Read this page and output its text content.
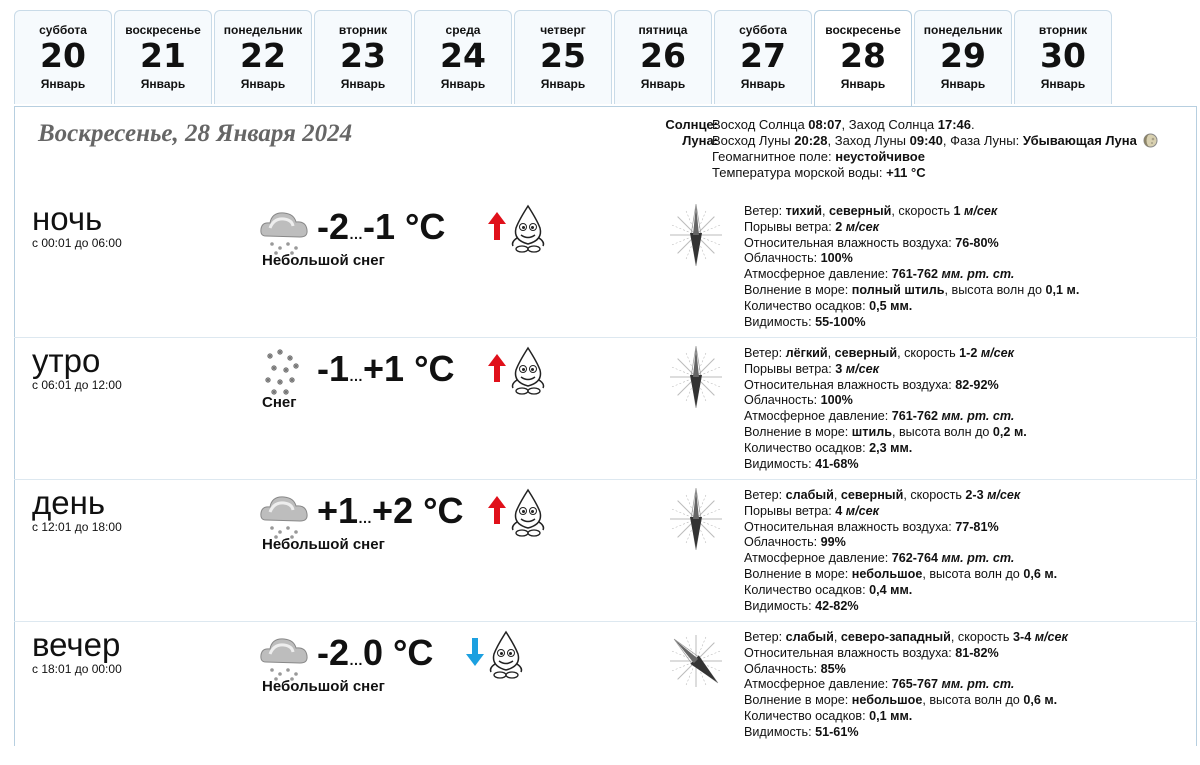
суббота
20
Январь
воскресенье
21
Январь
понедельник
22
Январь
вторник
23
Январь
среда
24
Январь
четверг
25
Январь
пятница
26
Январь
суббота
27
Январь
воскресенье
28
Январь
понедельник
29
Январь
вторник
30
Январь
Воскресенье, 28 Января 2024	Солнце:
Луна:
Восход Солнца 08:07, Заход Солнца 17:46.
Восход Луны 20:28, Заход Луны 09:40, Фаза Луны: Убывающая Луна
Геомагнитное поле: неустойчивое
Температура морской воды: +11 °C
ночь
с 00:01 до 06:00	-2…-1 °C
Небольшой снег
Ветер: тихий, северный, скорость 1 м/сек
Порывы ветра: 2 м/сек
Относительная влажность воздуха: 76-80%
Облачность: 100%
Атмосферное давление: 761-762 мм. рт. ст.
Волнение в море: полный штиль, высота волн до 0,1 м.
Количество осадков: 0,5 мм.
Видимость: 55-100%
утро
с 06:01 до 12:00	-1…+1 °C
Снег
Ветер: лёгкий, северный, скорость 1-2 м/сек
Порывы ветра: 3 м/сек
Относительная влажность воздуха: 82-92%
Облачность: 100%
Атмосферное давление: 761-762 мм. рт. ст.
Волнение в море: штиль, высота волн до 0,2 м.
Количество осадков: 2,3 мм.
Видимость: 41-68%
день
с 12:01 до 18:00	+1…+2 °C
Небольшой снег
Ветер: слабый, северный, скорость 2-3 м/сек
Порывы ветра: 4 м/сек
Относительная влажность воздуха: 77-81%
Облачность: 99%
Атмосферное давление: 762-764 мм. рт. ст.
Волнение в море: небольшое, высота волн до 0,6 м.
Количество осадков: 0,4 мм.
Видимость: 42-82%
вечер
с 18:01 до 00:00	-2…0 °C
Небольшой снег
Ветер: слабый, северо-западный, скорость 3-4 м/сек
Относительная влажность воздуха: 81-82%
Облачность: 85%
Атмосферное давление: 765-767 мм. рт. ст.
Волнение в море: небольшое, высота волн до 0,6 м.
Количество осадков: 0,1 мм.
Видимость: 51-61%
